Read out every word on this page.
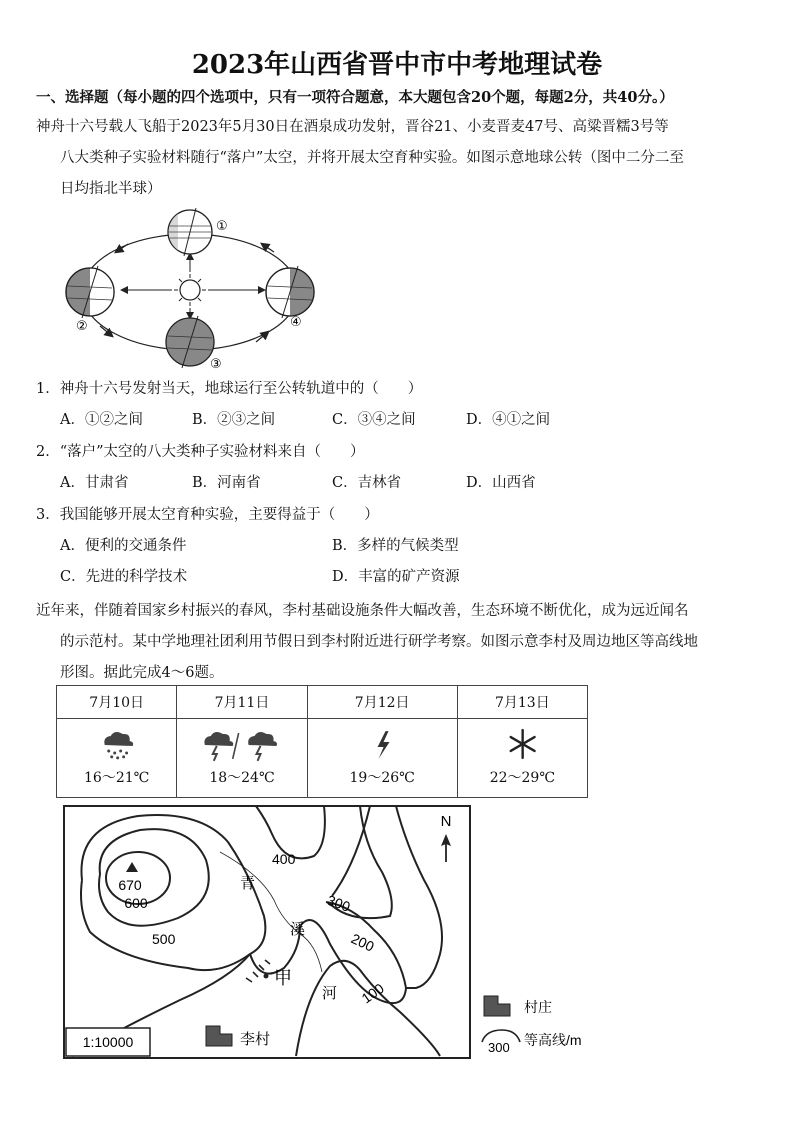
2023年山西省晋中市中考地理试卷
一、选择题（每小题的四个选项中，只有一项符合题意，本大题包含20个题，每题2分，共40分。）
神舟十六号载人飞船于2023年5月30日在酒泉成功发射，晋谷21、小麦晋麦47号、高粱晋糯3号等
八大类种子实验材料随行“落户”太空，并将开展太空育种实验。如图示意地球公转（图中二分二至
日均指北半球）
①
②
③
④
1．神舟十六号发射当天，地球运行至公转轨道中的（　　）
A．①②之间	B．②③之间	C．③④之间	D．④①之间
2．“落户”太空的八大类种子实验材料来自（　　）
A．甘肃省	B．河南省	C．吉林省	D．山西省
3．我国能够开展太空育种实验，主要得益于（　　）
A．便利的交通条件	B．多样的气候类型
C．先进的科学技术	D．丰富的矿产资源
近年来，伴随着国家乡村振兴的春风，李村基础设施条件大幅改善，生态环境不断优化，成为远近闻名
的示范村。某中学地理社团利用节假日到李村附近进行研学考察。如图示意李村及周边地区等高线地
形图。据此完成4～6题。
7月10日	7月11日	7月12日	7月13日

16～21℃	18～24℃	19～26℃	22～29℃
N
670
600
500
400
300
200
100
青
溪
河
甲
李村
1:10000
村庄
300 等高线/m
